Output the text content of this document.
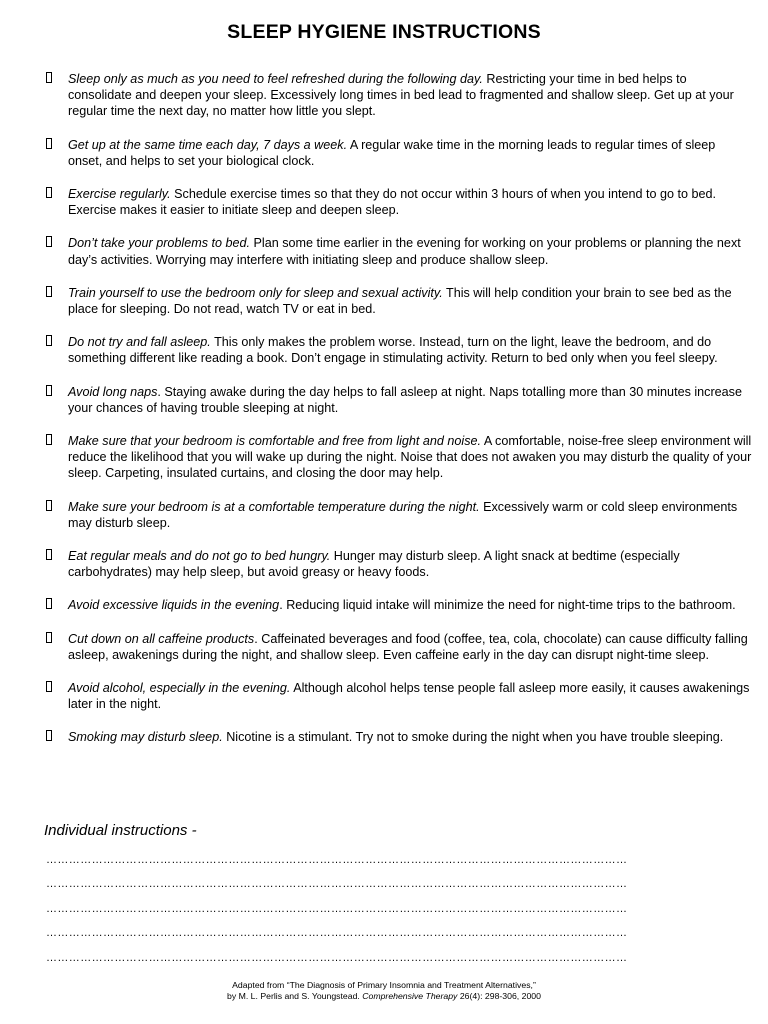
SLEEP HYGIENE INSTRUCTIONS
Sleep only as much as you need to feel refreshed during the following day. Restricting your time in bed helps to consolidate and deepen your sleep. Excessively long times in bed lead to fragmented and shallow sleep. Get up at your regular time the next day, no matter how little you slept.
Get up at the same time each day, 7 days a week. A regular wake time in the morning leads to regular times of sleep onset, and helps to set your biological clock.
Exercise regularly. Schedule exercise times so that they do not occur within 3 hours of when you intend to go to bed. Exercise makes it easier to initiate sleep and deepen sleep.
Don’t take your problems to bed. Plan some time earlier in the evening for working on your problems or planning the next day’s activities. Worrying may interfere with initiating sleep and produce shallow sleep.
Train yourself to use the bedroom only for sleep and sexual activity. This will help condition your brain to see bed as the place for sleeping. Do not read, watch TV or eat in bed.
Do not try and fall asleep. This only makes the problem worse. Instead, turn on the light, leave the bedroom, and do something different like reading a book. Don’t engage in stimulating activity. Return to bed only when you feel sleepy.
Avoid long naps. Staying awake during the day helps to fall asleep at night. Naps totalling more than 30 minutes increase your chances of having trouble sleeping at night.
Make sure that your bedroom is comfortable and free from light and noise. A comfortable, noise-free sleep environment will reduce the likelihood that you will wake up during the night. Noise that does not awaken you may disturb the quality of your sleep. Carpeting, insulated curtains, and closing the door may help.
Make sure your bedroom is at a comfortable temperature during the night. Excessively warm or cold sleep environments may disturb sleep.
Eat regular meals and do not go to bed hungry. Hunger may disturb sleep. A light snack at bedtime (especially carbohydrates) may help sleep, but avoid greasy or heavy foods.
Avoid excessive liquids in the evening. Reducing liquid intake will minimize the need for night-time trips to the bathroom.
Cut down on all caffeine products. Caffeinated beverages and food (coffee, tea, cola, chocolate) can cause difficulty falling asleep, awakenings during the night, and shallow sleep. Even caffeine early in the day can disrupt night-time sleep.
Avoid alcohol, especially in the evening. Although alcohol helps tense people fall asleep more easily, it causes awakenings later in the night.
Smoking may disturb sleep. Nicotine is a stimulant. Try not to smoke during the night when you have trouble sleeping.
Individual instructions -
………………………………………………………………………………………………………………………………………
………………………………………………………………………………………………………………………………………
………………………………………………………………………………………………………………………………………
………………………………………………………………………………………………………………………………………
………………………………………………………………………………………………………………………………………
Adapted from “The Diagnosis of Primary Insomnia and Treatment Alternatives,”
by M. L. Perlis and S. Youngstead. Comprehensive Therapy 26(4): 298-306, 2000
